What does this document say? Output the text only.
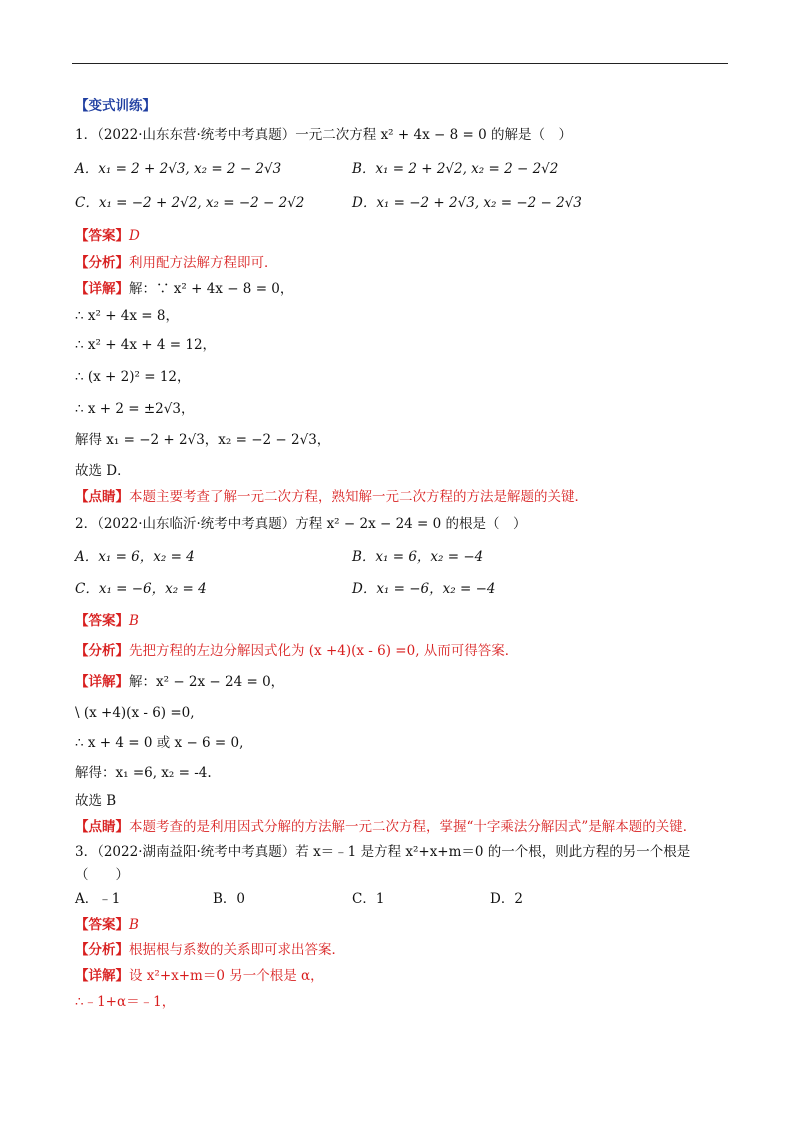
【变式训练】
1．（2022·山东东营·统考中考真题）一元二次方程 x² + 4x − 8 = 0 的解是（　）
A．x₁ = 2 + 2√3, x₂ = 2 − 2√3	B．x₁ = 2 + 2√2, x₂ = 2 − 2√2
C．x₁ = −2 + 2√2, x₂ = −2 − 2√2	D．x₁ = −2 + 2√3, x₂ = −2 − 2√3
【答案】D
【分析】利用配方法解方程即可．
【详解】解：∵ x² + 4x − 8 = 0，
∴ x² + 4x = 8，
∴ x² + 4x + 4 = 12，
∴ (x + 2)² = 12，
∴ x + 2 = ±2√3，
解得 x₁ = −2 + 2√3，x₂ = −2 − 2√3，
故选 D．
【点睛】本题主要考查了解一元二次方程，熟知解一元二次方程的方法是解题的关键．
2．（2022·山东临沂·统考中考真题）方程 x² − 2x − 24 = 0 的根是（　）
A．x₁ = 6，x₂ = 4	B．x₁ = 6，x₂ = −4
C．x₁ = −6，x₂ = 4	D．x₁ = −6，x₂ = −4
【答案】B
【分析】先把方程的左边分解因式化为 (x +4)(x - 6) =0, 从而可得答案．
【详解】解：x² − 2x − 24 = 0，
\ (x +4)(x - 6) =0,
∴ x + 4 = 0 或 x − 6 = 0,
解得：x₁ =6, x₂ = -4.
故选 B
【点睛】本题考查的是利用因式分解的方法解一元二次方程，掌握“十字乘法分解因式”是解本题的关键．
3．（2022·湖南益阳·统考中考真题）若 x＝﹣1 是方程 x²+x+m＝0 的一个根，则此方程的另一个根是
（　　）
A．﹣1	B．0	C．1	D．2
【答案】B
【分析】根据根与系数的关系即可求出答案．
【详解】设 x²+x+m＝0 另一个根是 α，
∴﹣1+α＝﹣1，
